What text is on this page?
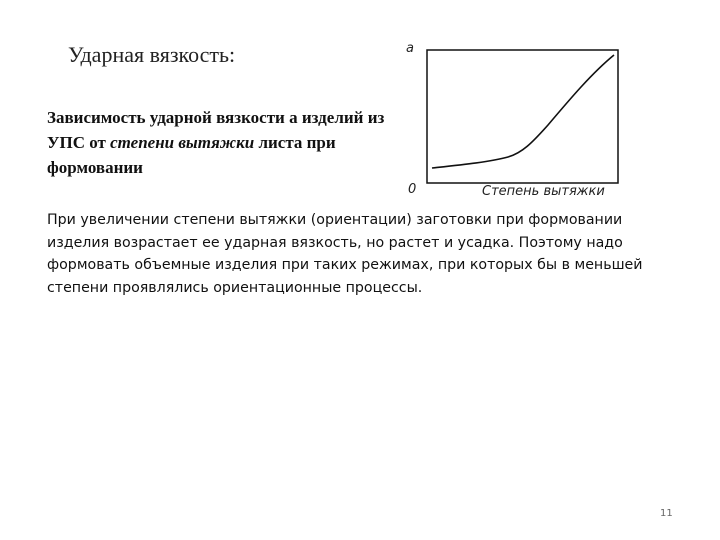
Ударная вязкость:
Зависимость ударной вязкости а изделий из УПС от степени вытяжки листа при формовании
a
0	Степень вытяжки
При увеличении степени вытяжки (ориентации) заготовки при формовании изделия возрастает ее ударная вязкость, но растет и усадка. Поэтому надо формовать объемные изделия при таких режимах, при которых бы в меньшей степени проявлялись ориентационные процессы.
11
